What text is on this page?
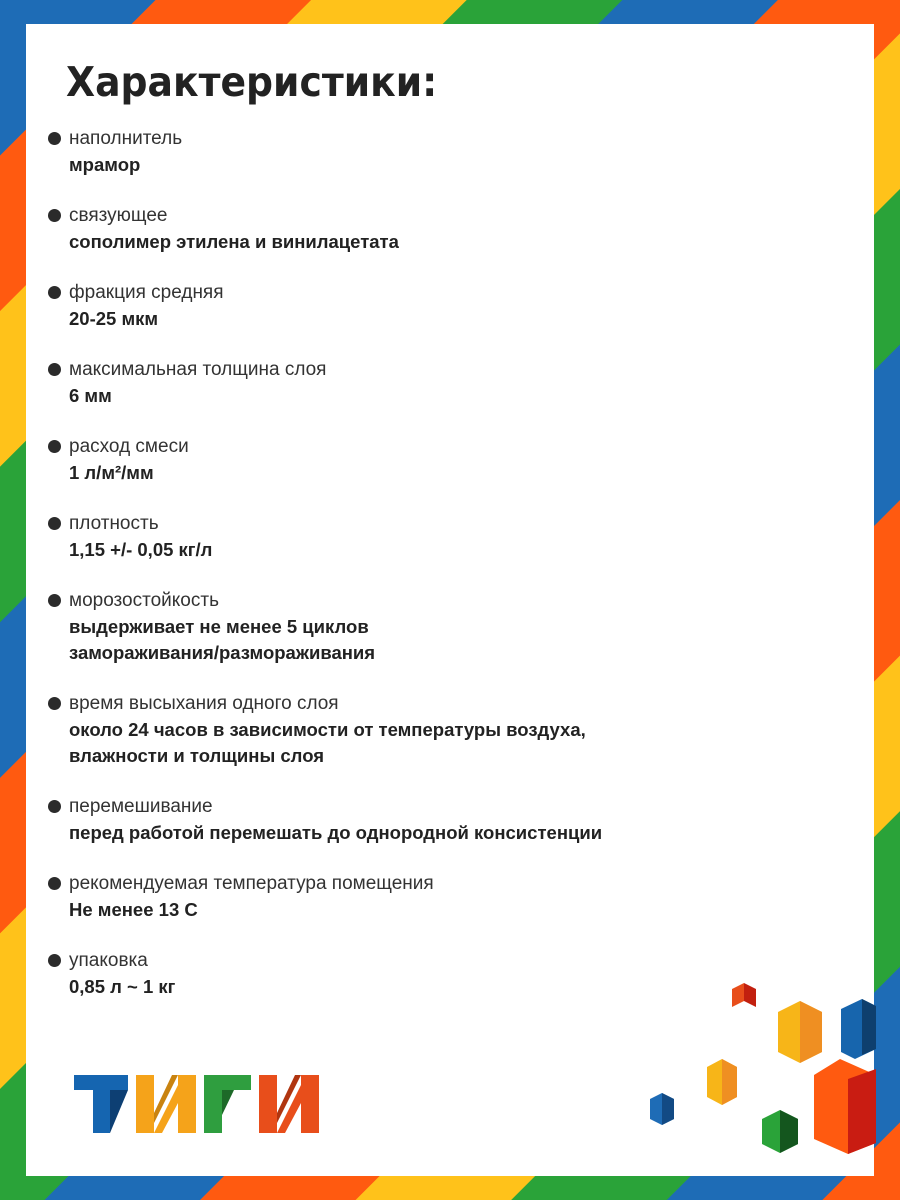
Характеристики:
наполнитель
мрамор
связующее
сополимер этилена и винилацетата
фракция средняя
20-25 мкм
максимальная толщина слоя
6 мм
расход смеси
1 л/м²/мм
плотность
1,15 +/- 0,05 кг/л
морозостойкость
выдерживает не менее 5 циклов
замораживания/размораживания
время высыхания одного слоя
около 24 часов в зависимости от температуры воздуха,
влажности и толщины слоя
перемешивание
перед работой перемешать до однородной консистенции
рекомендуемая температура помещения
Не менее 13 С
упаковка
0,85 л ~ 1 кг
